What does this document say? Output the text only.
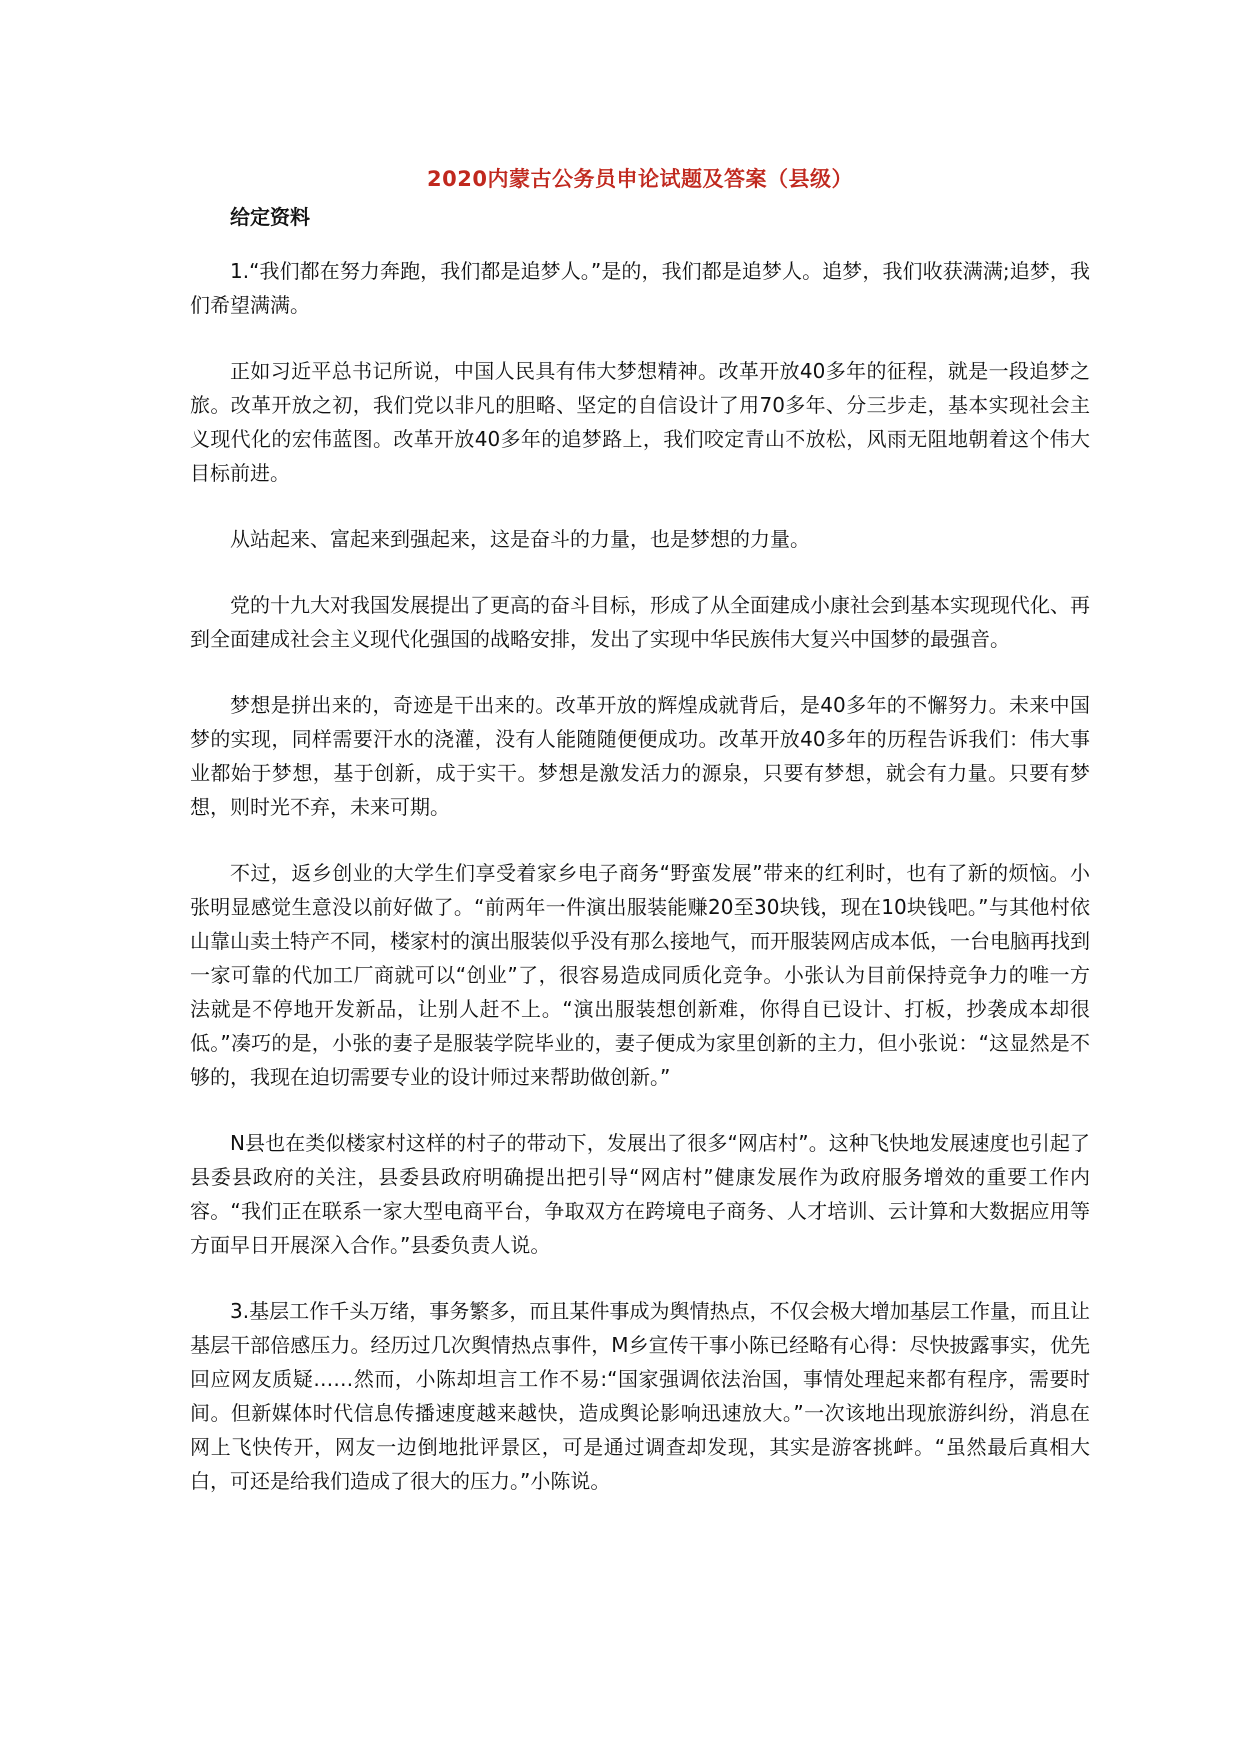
2020内蒙古公务员申论试题及答案（县级）
给定资料

1.“我们都在努力奔跑，我们都是追梦人。”是的，我们都是追梦人。追梦，我们收获满满;追梦，我们希望满满。

正如习近平总书记所说，中国人民具有伟大梦想精神。改革开放40多年的征程，就是一段追梦之旅。改革开放之初，我们党以非凡的胆略、坚定的自信设计了用70多年、分三步走，基本实现社会主义现代化的宏伟蓝图。改革开放40多年的追梦路上，我们咬定青山不放松，风雨无阻地朝着这个伟大目标前进。

从站起来、富起来到强起来，这是奋斗的力量，也是梦想的力量。

党的十九大对我国发展提出了更高的奋斗目标，形成了从全面建成小康社会到基本实现现代化、再到全面建成社会主义现代化强国的战略安排，发出了实现中华民族伟大复兴中国梦的最强音。

梦想是拼出来的，奇迹是干出来的。改革开放的辉煌成就背后，是40多年的不懈努力。未来中国梦的实现，同样需要汗水的浇灌，没有人能随随便便成功。改革开放40多年的历程告诉我们：伟大事业都始于梦想，基于创新，成于实干。梦想是激发活力的源泉，只要有梦想，就会有力量。只要有梦想，则时光不弃，未来可期。

不过，返乡创业的大学生们享受着家乡电子商务“野蛮发展”带来的红利时，也有了新的烦恼。小张明显感觉生意没以前好做了。“前两年一件演出服装能赚20至30块钱，现在10块钱吧。”与其他村依山靠山卖土特产不同，楼家村的演出服装似乎没有那么接地气，而开服装网店成本低，一台电脑再找到一家可靠的代加工厂商就可以“创业”了，很容易造成同质化竞争。小张认为目前保持竞争力的唯一方法就是不停地开发新品，让别人赶不上。“演出服装想创新难，你得自已设计、打板，抄袭成本却很低。”凑巧的是，小张的妻子是服装学院毕业的，妻子便成为家里创新的主力，但小张说：“这显然是不够的，我现在迫切需要专业的设计师过来帮助做创新。”

N县也在类似楼家村这样的村子的带动下，发展出了很多“网店村”。这种飞快地发展速度也引起了县委县政府的关注，县委县政府明确提出把引导“网店村”健康发展作为政府服务增效的重要工作内容。“我们正在联系一家大型电商平台，争取双方在跨境电子商务、人才培训、云计算和大数据应用等方面早日开展深入合作。”县委负责人说。

3.基层工作千头万绪，事务繁多，而且某件事成为舆情热点，不仅会极大增加基层工作量，而且让基层干部倍感压力。经历过几次舆情热点事件，M乡宣传干事小陈已经略有心得：尽快披露事实，优先回应网友质疑……然而，小陈却坦言工作不易:“国家强调依法治国，事情处理起来都有程序，需要时间。但新媒体时代信息传播速度越来越快，造成舆论影响迅速放大。”一次该地出现旅游纠纷，消息在网上飞快传开，网友一边倒地批评景区，可是通过调查却发现，其实是游客挑衅。“虽然最后真相大白，可还是给我们造成了很大的压力。”小陈说。
